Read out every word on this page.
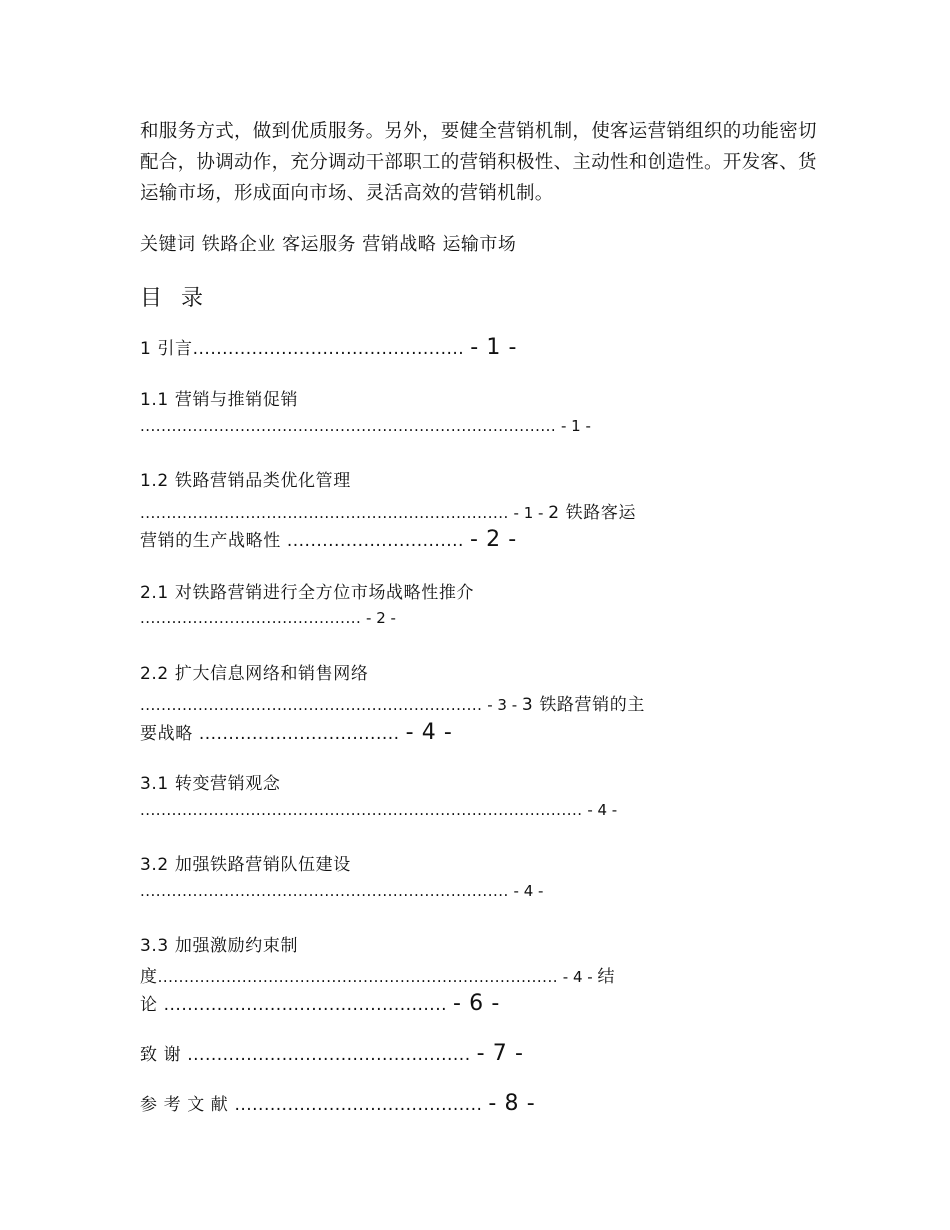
和服务方式，做到优质服务。另外，要健全营销机制，使客运营销组织的功能密切配合，协调动作，充分调动干部职工的营销积极性、主动性和创造性。开发客、货运输市场，形成面向市场、灵活高效的营销机制。
关键词 铁路企业 客运服务 营销战略 运输市场
目 录
1 引言.............................................. - 1 -
1.1 营销与推销促销
............................................................................... - 1 -
1.2 铁路营销品类优化管理
...................................................................... - 1 - 2 铁路客运
营销的生产战略性 .............................. - 2 -
2.1 对铁路营销进行全方位市场战略性推介
.......................................... - 2 -
2.2 扩大信息网络和销售网络
................................................................. - 3 - 3 铁路营销的主
要战略 .................................. - 4 -
3.1 转变营销观念
.................................................................................... - 4 -
3.2 加强铁路营销队伍建设
...................................................................... - 4 -
3.3 加强激励约束制
度............................................................................ - 4 - 结
论 ................................................ - 6 -
致 谢 ................................................ - 7 -
参 考 文 献 .......................................... - 8 -
